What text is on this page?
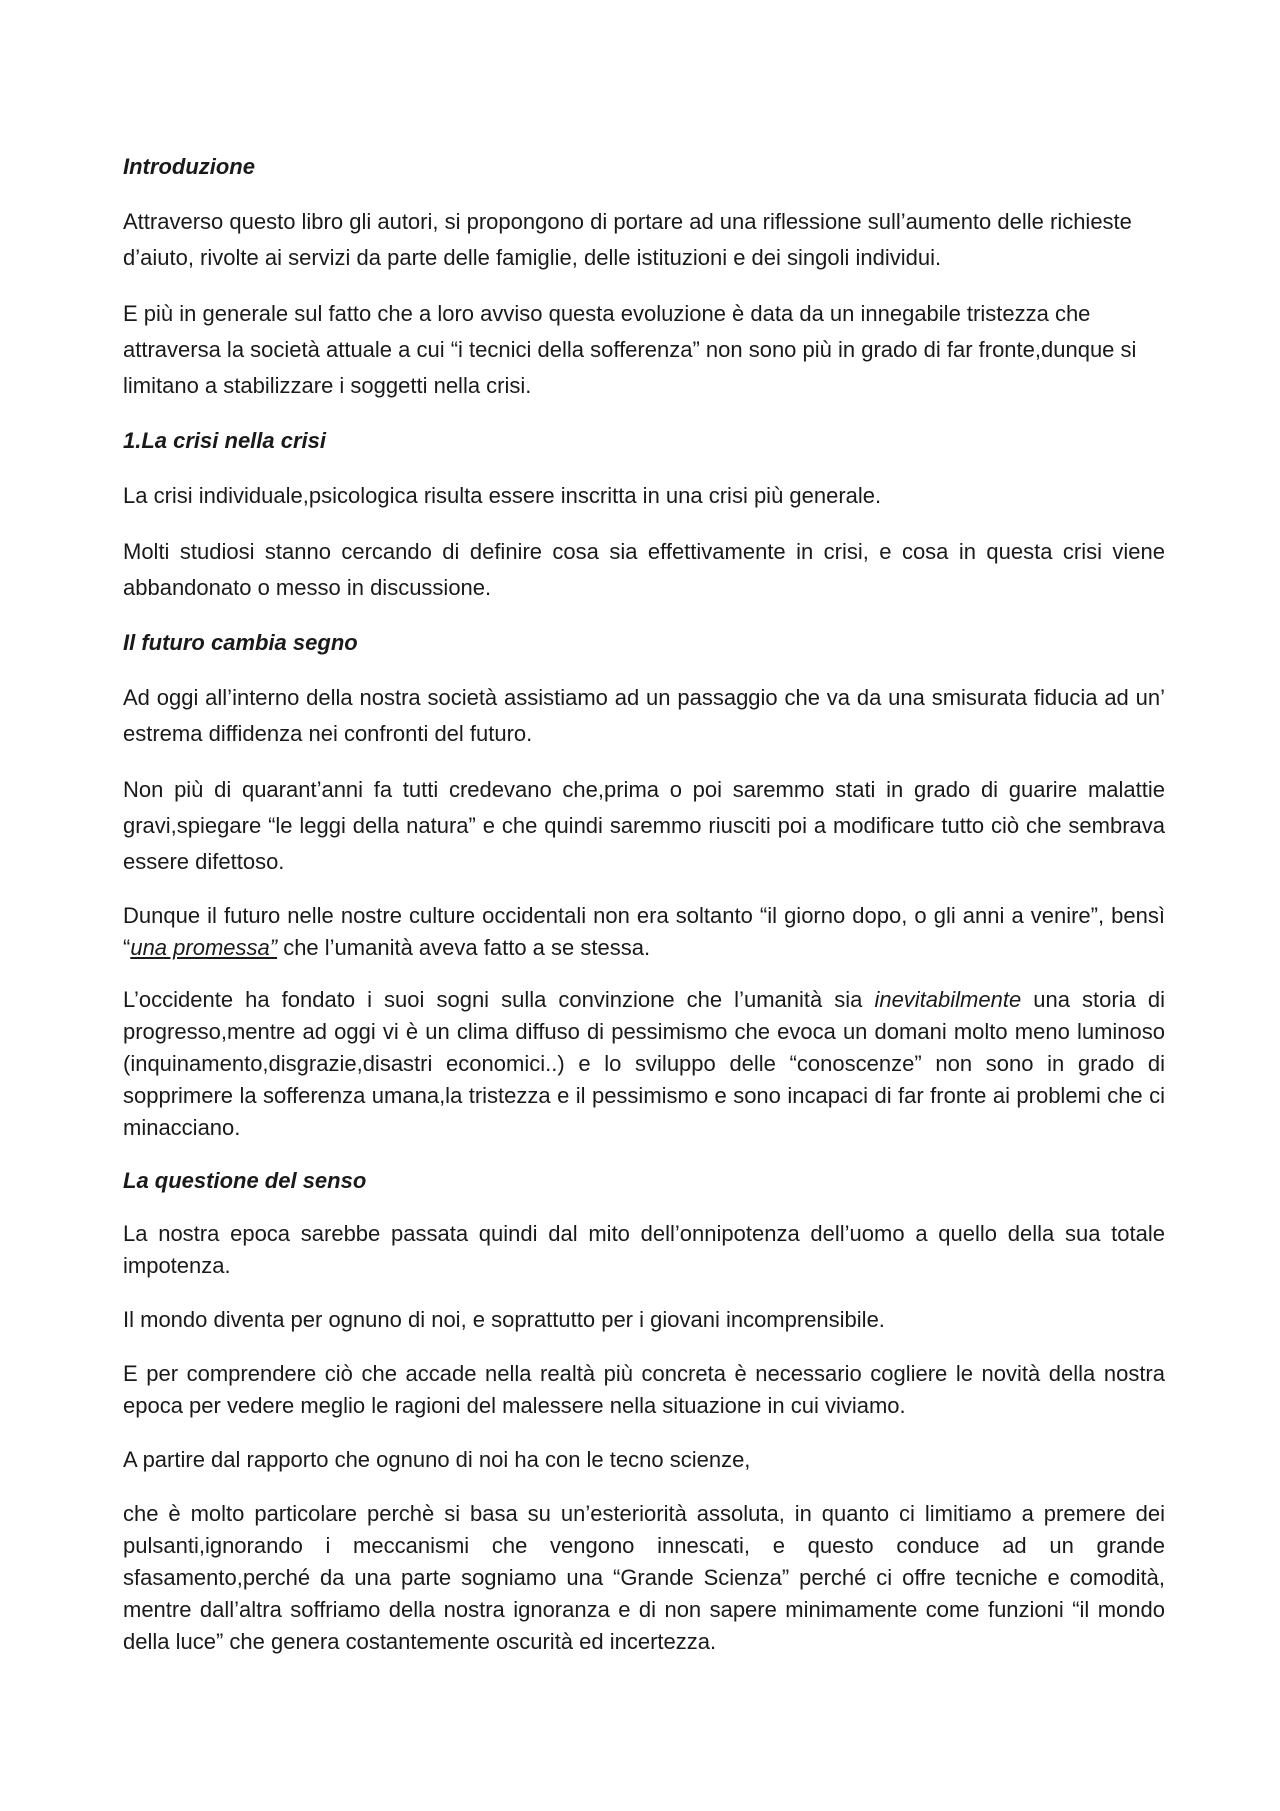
Introduzione

Attraverso questo libro gli autori, si propongono di portare ad una riflessione sull’aumento delle richieste d’aiuto, rivolte ai servizi da parte delle famiglie, delle istituzioni e dei singoli individui.

E più in generale sul fatto che a loro avviso questa evoluzione è data da un innegabile tristezza che attraversa la società attuale a cui “i tecnici della sofferenza” non sono più in grado di far fronte,dunque si limitano a stabilizzare i soggetti nella crisi.

1.La crisi nella crisi

La crisi individuale,psicologica risulta essere inscritta in una crisi più generale.

Molti studiosi stanno cercando di definire cosa sia effettivamente in crisi, e cosa in questa crisi viene abbandonato o messo in discussione.

Il futuro cambia segno

Ad oggi all’interno della nostra società assistiamo ad un passaggio che va da una smisurata fiducia ad un’ estrema diffidenza nei confronti del futuro.

Non più di quarant’anni fa tutti credevano che,prima o poi saremmo stati in grado di guarire malattie gravi,spiegare “le leggi della natura” e che quindi saremmo riusciti poi a modificare tutto ciò che sembrava essere difettoso.

Dunque il futuro nelle nostre culture occidentali non era soltanto “il giorno dopo, o gli anni a venire”, bensì “una promessa” che l’umanità aveva fatto a se stessa.

L’occidente ha fondato i suoi sogni sulla convinzione che l’umanità sia inevitabilmente una storia di progresso,mentre ad oggi vi è un clima diffuso di pessimismo che evoca un domani molto meno luminoso (inquinamento,disgrazie,disastri economici..) e lo sviluppo delle “conoscenze” non sono in grado di sopprimere la sofferenza umana,la tristezza e il pessimismo e sono incapaci di far fronte ai problemi che ci minacciano.

La questione del senso

La nostra epoca sarebbe passata quindi dal mito dell’onnipotenza dell’uomo a quello della sua totale impotenza.

Il mondo diventa per ognuno di noi, e soprattutto per i giovani incomprensibile.

E per comprendere ciò che accade nella realtà più concreta è necessario cogliere le novità della nostra epoca per vedere meglio le ragioni del malessere nella situazione in cui viviamo.

A partire dal rapporto che ognuno di noi ha con le tecno scienze,

che è molto particolare perchè si basa su un’esteriorità assoluta, in quanto ci limitiamo a premere dei pulsanti,ignorando i meccanismi che vengono innescati, e questo conduce ad un grande sfasamento,perché da una parte sogniamo una “Grande Scienza” perché ci offre tecniche e comodità, mentre dall’altra soffriamo della nostra ignoranza e di non sapere minimamente come funzioni “il mondo della luce” che genera costantemente oscurità ed incertezza.
